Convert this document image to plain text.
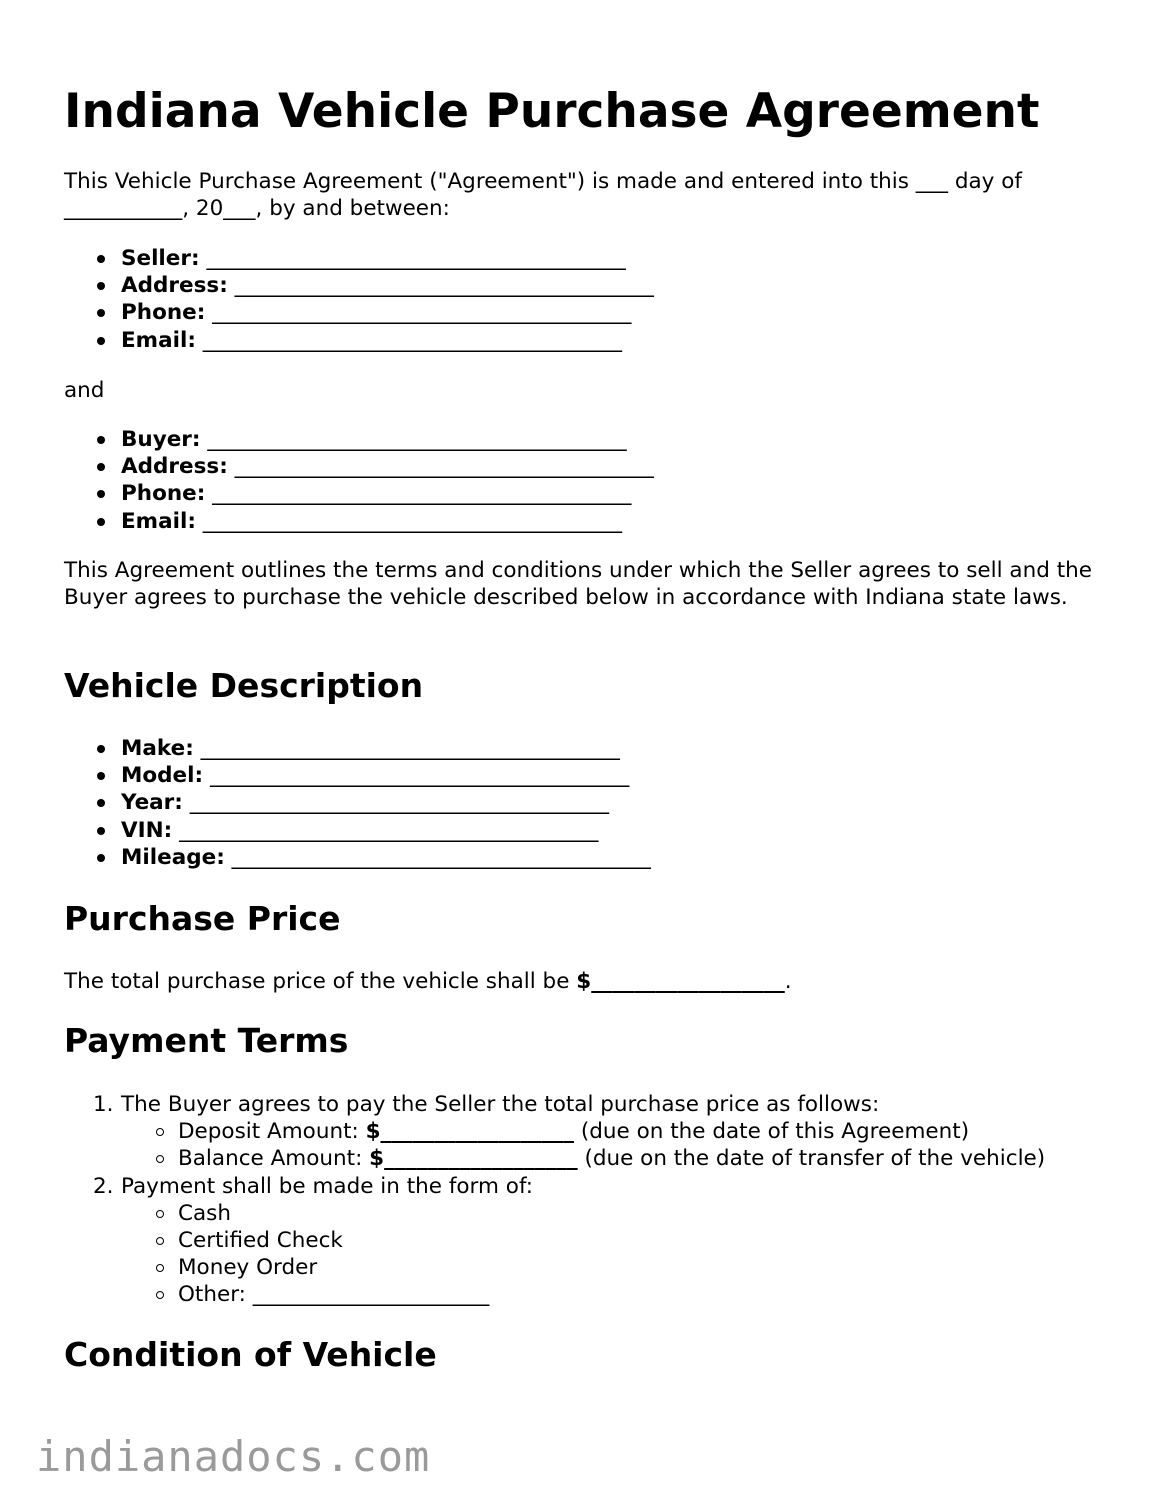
Indiana Vehicle Purchase Agreement

This Vehicle Purchase Agreement ("Agreement") is made and entered into this ___ day of ___________, 20___, by and between:

Seller: _______________________________________
Address: _______________________________________
Phone: _______________________________________
Email: _______________________________________

and

Buyer: _______________________________________
Address: _______________________________________
Phone: _______________________________________
Email: _______________________________________

This Agreement outlines the terms and conditions under which the Seller agrees to sell and the Buyer agrees to purchase the vehicle described below in accordance with Indiana state laws.

Vehicle Description
Make: _______________________________________
Model: _______________________________________
Year: _______________________________________
VIN: _______________________________________
Mileage: _______________________________________
Purchase Price

The total purchase price of the vehicle shall be $__________________.

Payment Terms
1. The Buyer agrees to pay the Seller the total purchase price as follows:
Deposit Amount: $__________________ (due on the date of this Agreement)
Balance Amount: $__________________ (due on the date of transfer of the vehicle)
2. Payment shall be made in the form of:
Cash
Certified Check
Money Order
Other: ______________________
Condition of Vehicle
indianadocs.com
